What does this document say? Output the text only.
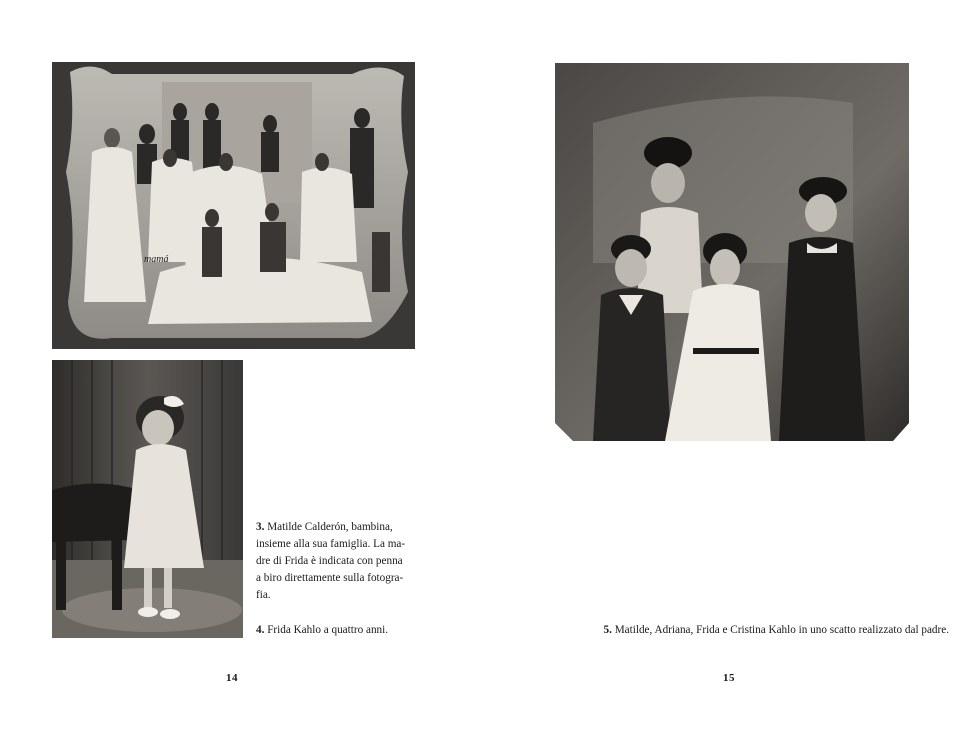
mamá
3. Matilde Calderón, bambina,
insieme alla sua famiglia. La ma-
dre di Frida è indicata con penna
a biro direttamente sulla fotogra-
fia.
4. Frida Kahlo a quattro anni.
14
5. Matilde, Adriana, Frida e Cristina Kahlo in uno scatto realizzato dal padre.
15
